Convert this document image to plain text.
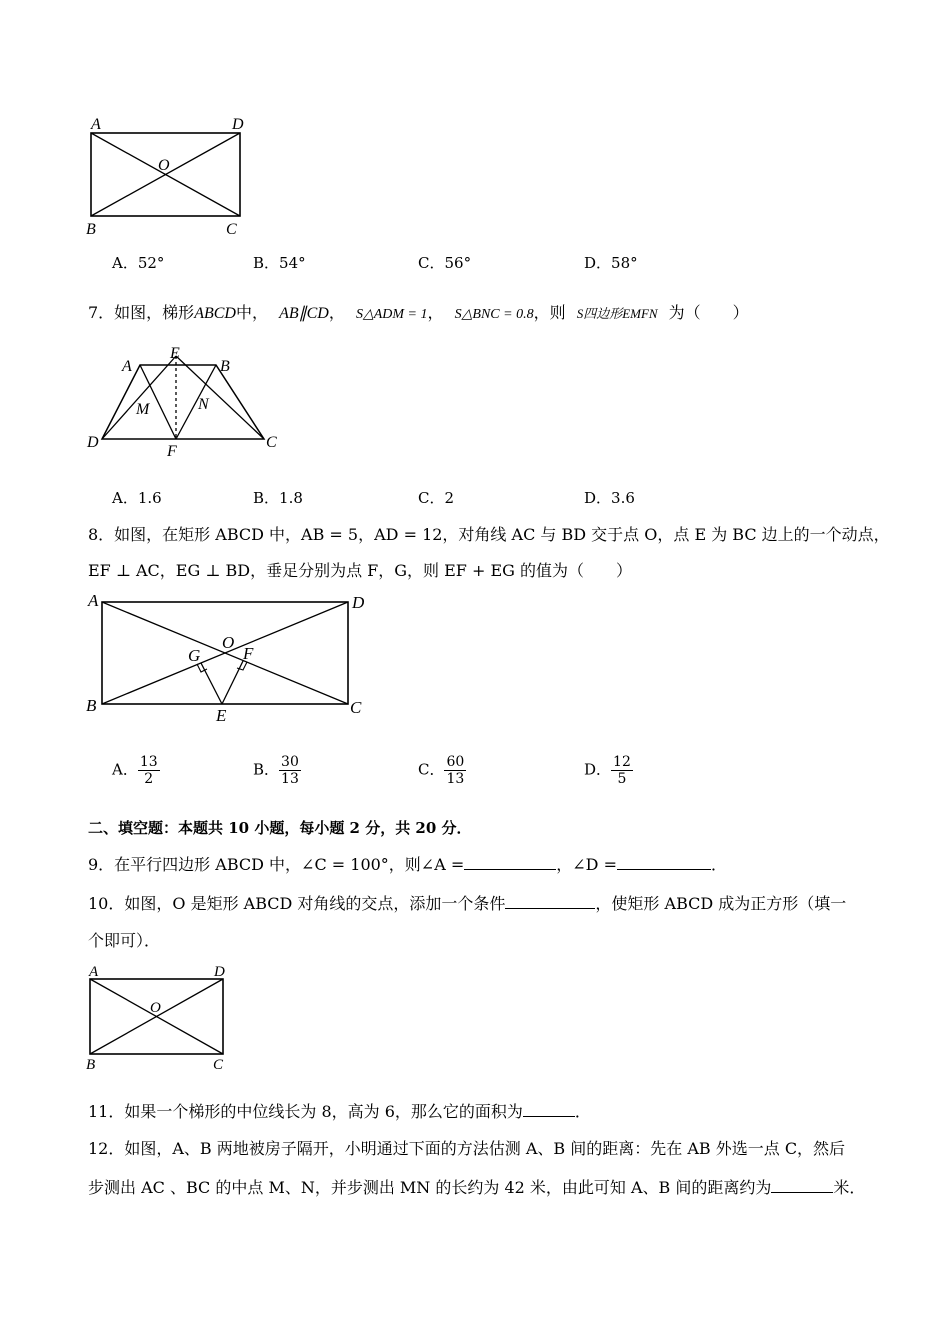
A	D
O
B	C
A．52°	B．54°	C．56°	D．58°
7．如图，梯形ABCD中， AB∥CD， S△ADM = 1， S△BNC = 0.8，则 S四边形EMFN 为（　　）
A
E
B
M	N
D
F
C
A．1.6	B．1.8	C．2	D．3.6
8．如图，在矩形 ABCD 中，AB = 5，AD = 12，对角线 AC 与 BD 交于点 O，点 E 为 BC 边上的一个动点，
EF ⊥ AC，EG ⊥ BD，垂足分别为点 F，G，则 EF + EG 的值为（　　）
A	D
O
G	F
B
E	C
A． $\frac{13}{2}$	B． $\frac{30}{13}$	C． $\frac{60}{13}$	D． $\frac{12}{5}$
二、填空题：本题共 10 小题，每小题 2 分，共 20 分．
9．在平行四边形 ABCD 中，∠C = 100°，则∠A =	，∠D =	．
10．如图，O 是矩形 ABCD 对角线的交点，添加一个条件	，使矩形 ABCD 成为正方形（填一
个即可）．
A	D
O
B	C
11．如果一个梯形的中位线长为 8，高为 6，那么它的面积为	．
12．如图，A、B 两地被房子隔开，小明通过下面的方法估测 A、B 间的距离：先在 AB 外选一点 C，然后
步测出 AC 、BC 的中点 M、N，并步测出 MN 的长约为 42 米，由此可知 A、B 间的距离约为	米．
